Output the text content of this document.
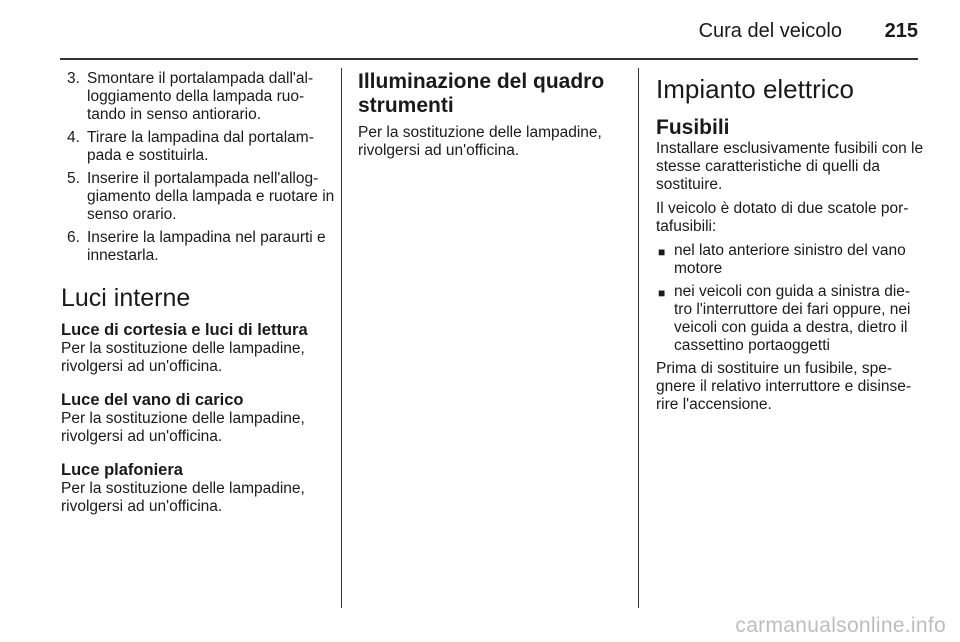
Cura del veicolo 215
3. Smontare il portalampada dall'al-loggiamento della lampada ruo-tando in senso antiorario.
4. Tirare la lampadina dal portalam-pada e sostituirla.
5. Inserire il portalampada nell'allog-giamento della lampada e ruotare in senso orario.
6. Inserire la lampadina nel paraurti e innestarla.
Luci interne
Luce di cortesia e luci di lettura
Per la sostituzione delle lampadine, rivolgersi ad un'officina.
Luce del vano di carico
Per la sostituzione delle lampadine, rivolgersi ad un'officina.
Luce plafoniera
Per la sostituzione delle lampadine, rivolgersi ad un'officina.
Illuminazione del quadro strumenti
Per la sostituzione delle lampadine, rivolgersi ad un'officina.
Impianto elettrico
Fusibili
Installare esclusivamente fusibili con le stesse caratteristiche di quelli da sostituire.
Il veicolo è dotato di due scatole por-tafusibili:
■ nel lato anteriore sinistro del vano motore
■ nei veicoli con guida a sinistra die-tro l'interruttore dei fari oppure, nei veicoli con guida a destra, dietro il cassettino portaoggetti
Prima di sostituire un fusibile, spe-gnere il relativo interruttore e disinse-rire l'accensione.
carmanualsonline.info
